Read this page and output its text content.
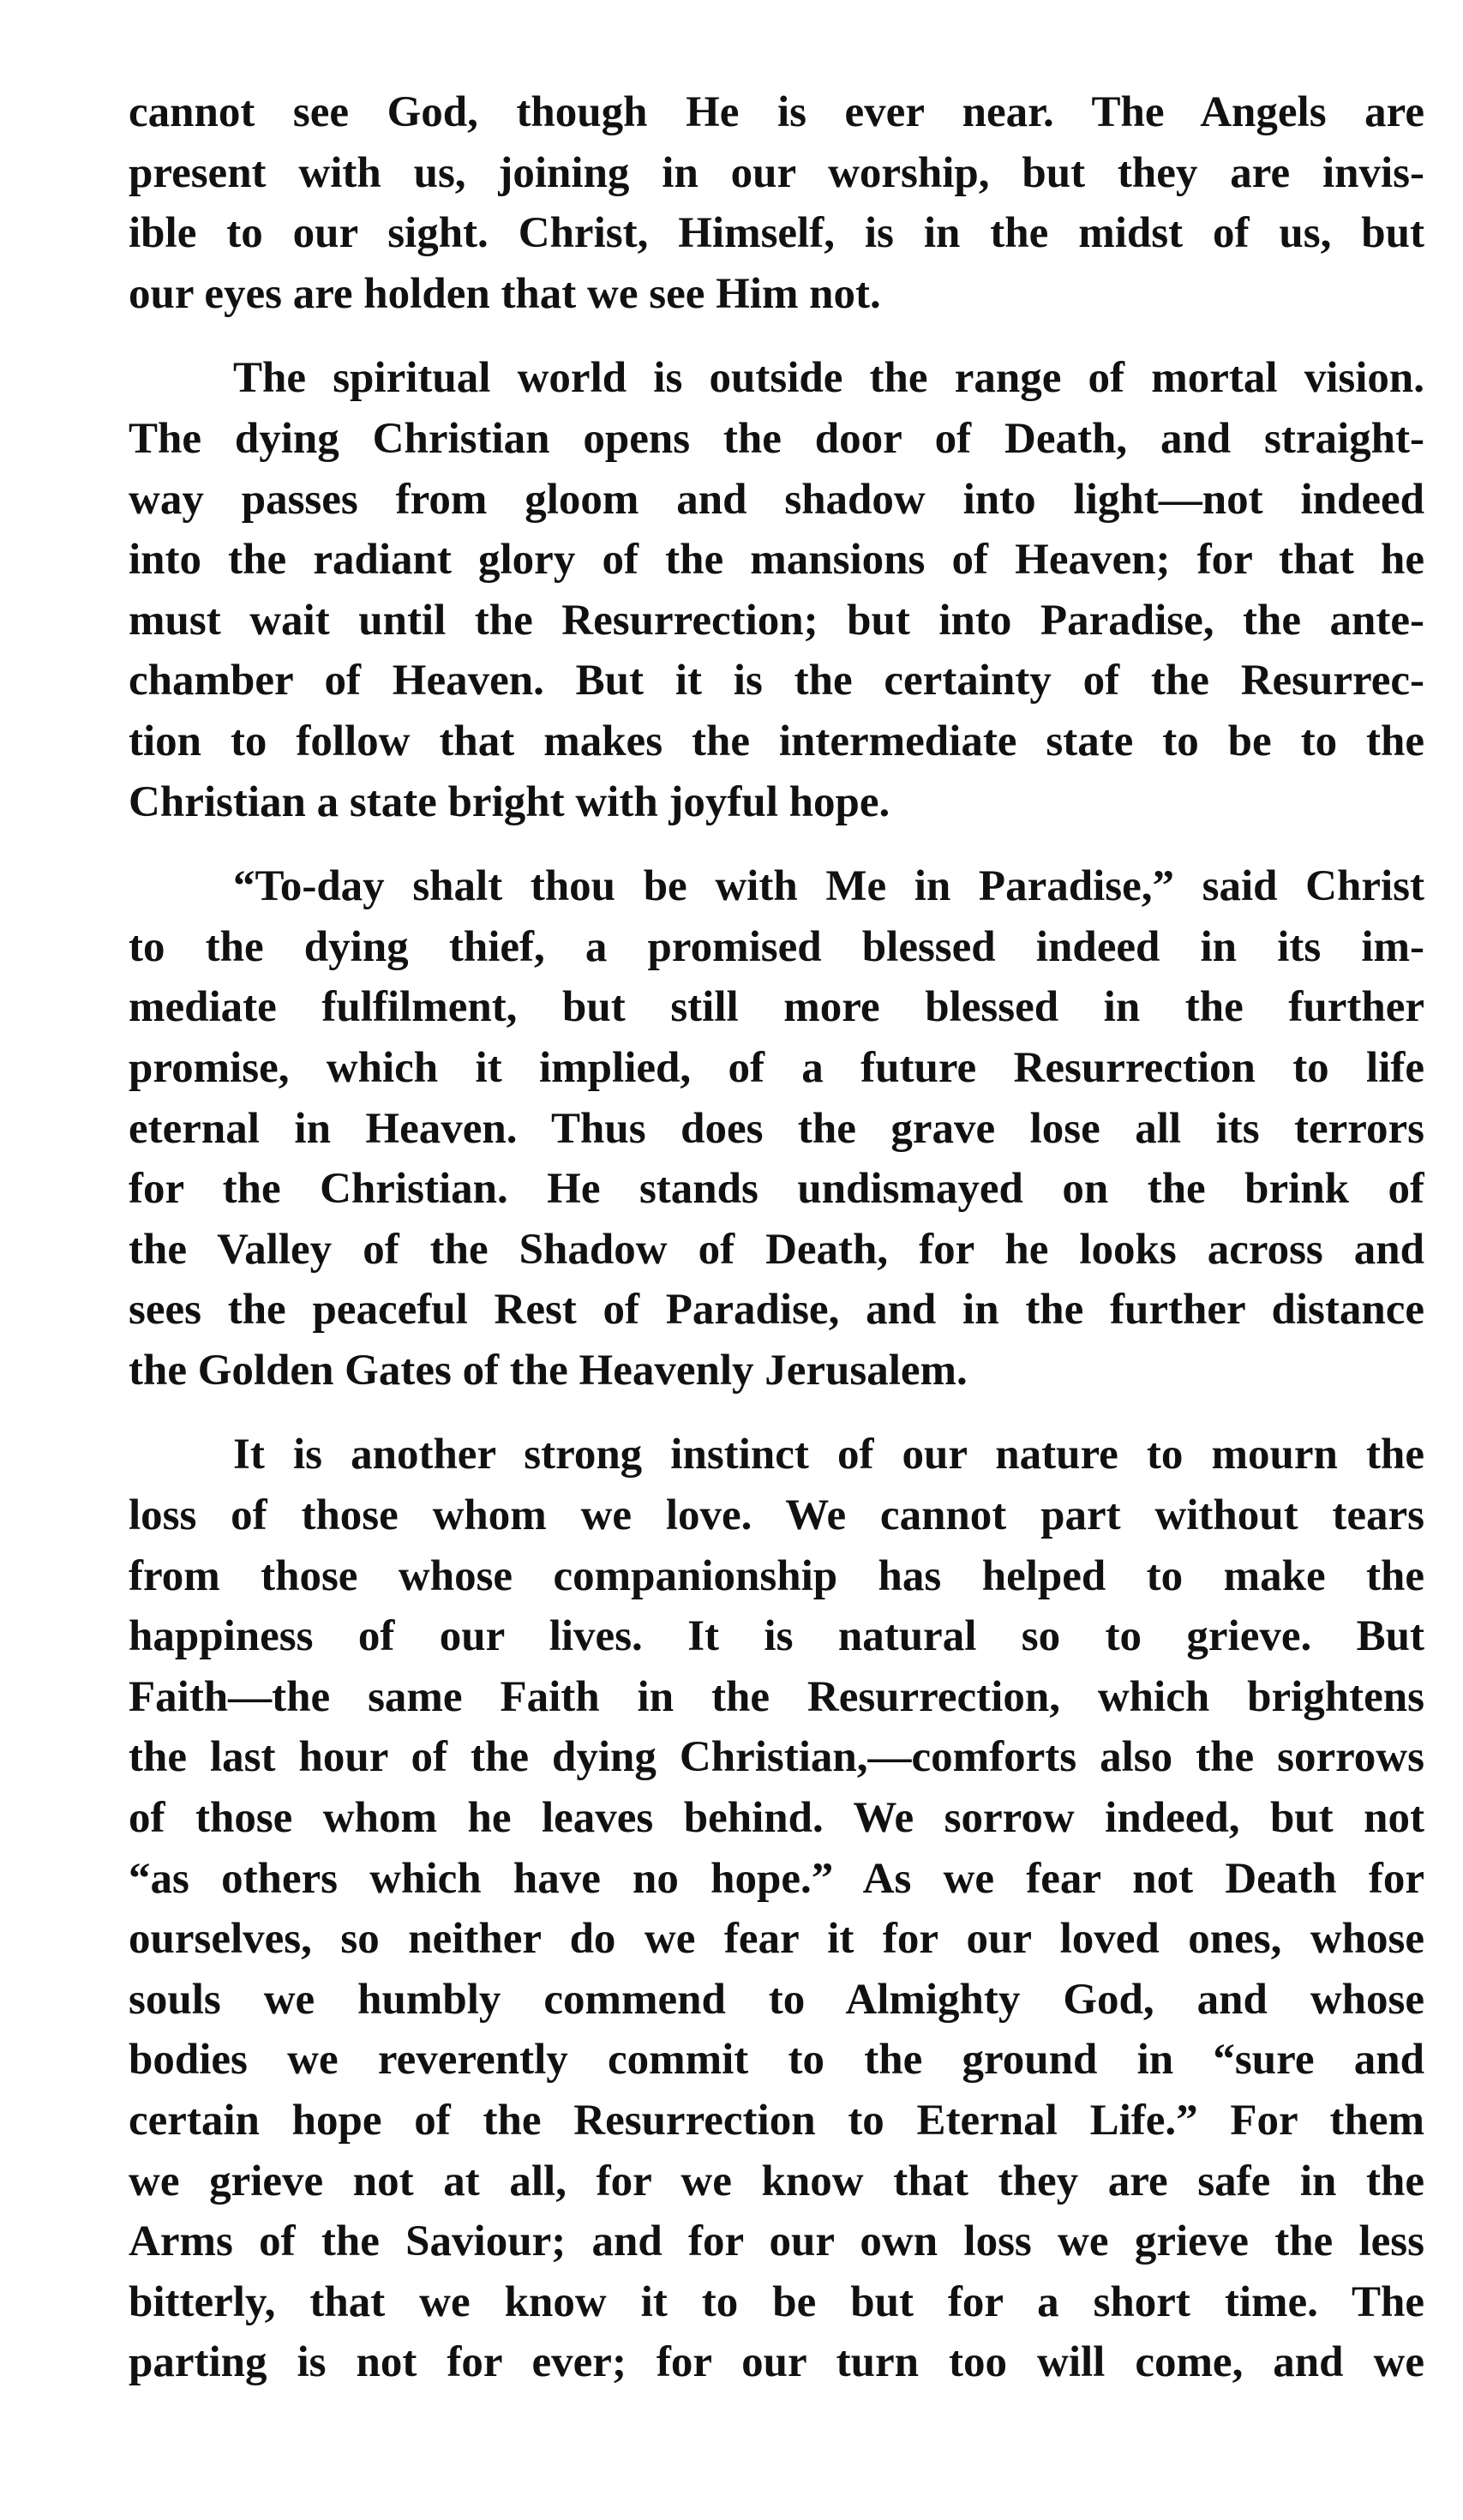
cannot see God, though He is ever near. The Angels are
present with us, joining in our worship, but they are invis-
ible to our sight. Christ, Himself, is in the midst of us, but
our eyes are holden that we see Him not.
The spiritual world is outside the range of mortal vision.
The dying Christian opens the door of Death, and straight-
way passes from gloom and shadow into light—not indeed
into the radiant glory of the mansions of Heaven; for that he
must wait until the Resurrection; but into Paradise, the ante-
chamber of Heaven. But it is the certainty of the Resurrec-
tion to follow that makes the intermediate state to be to the
Christian a state bright with joyful hope.
“To-day shalt thou be with Me in Paradise,” said Christ
to the dying thief, a promised blessed indeed in its im-
mediate fulfilment, but still more blessed in the further
promise, which it implied, of a future Resurrection to life
eternal in Heaven. Thus does the grave lose all its terrors
for the Christian. He stands undismayed on the brink of
the Valley of the Shadow of Death, for he looks across and
sees the peaceful Rest of Paradise, and in the further distance
the Golden Gates of the Heavenly Jerusalem.
It is another strong instinct of our nature to mourn the
loss of those whom we love. We cannot part without tears
from those whose companionship has helped to make the
happiness of our lives. It is natural so to grieve. But
Faith—the same Faith in the Resurrection, which brightens
the last hour of the dying Christian,—comforts also the sorrows
of those whom he leaves behind. We sorrow indeed, but not
“as others which have no hope.” As we fear not Death for
ourselves, so neither do we fear it for our loved ones, whose
souls we humbly commend to Almighty God, and whose
bodies we reverently commit to the ground in “sure and
certain hope of the Resurrection to Eternal Life.” For them
we grieve not at all, for we know that they are safe in the
Arms of the Saviour; and for our own loss we grieve the less
bitterly, that we know it to be but for a short time. The
parting is not for ever; for our turn too will come, and we
